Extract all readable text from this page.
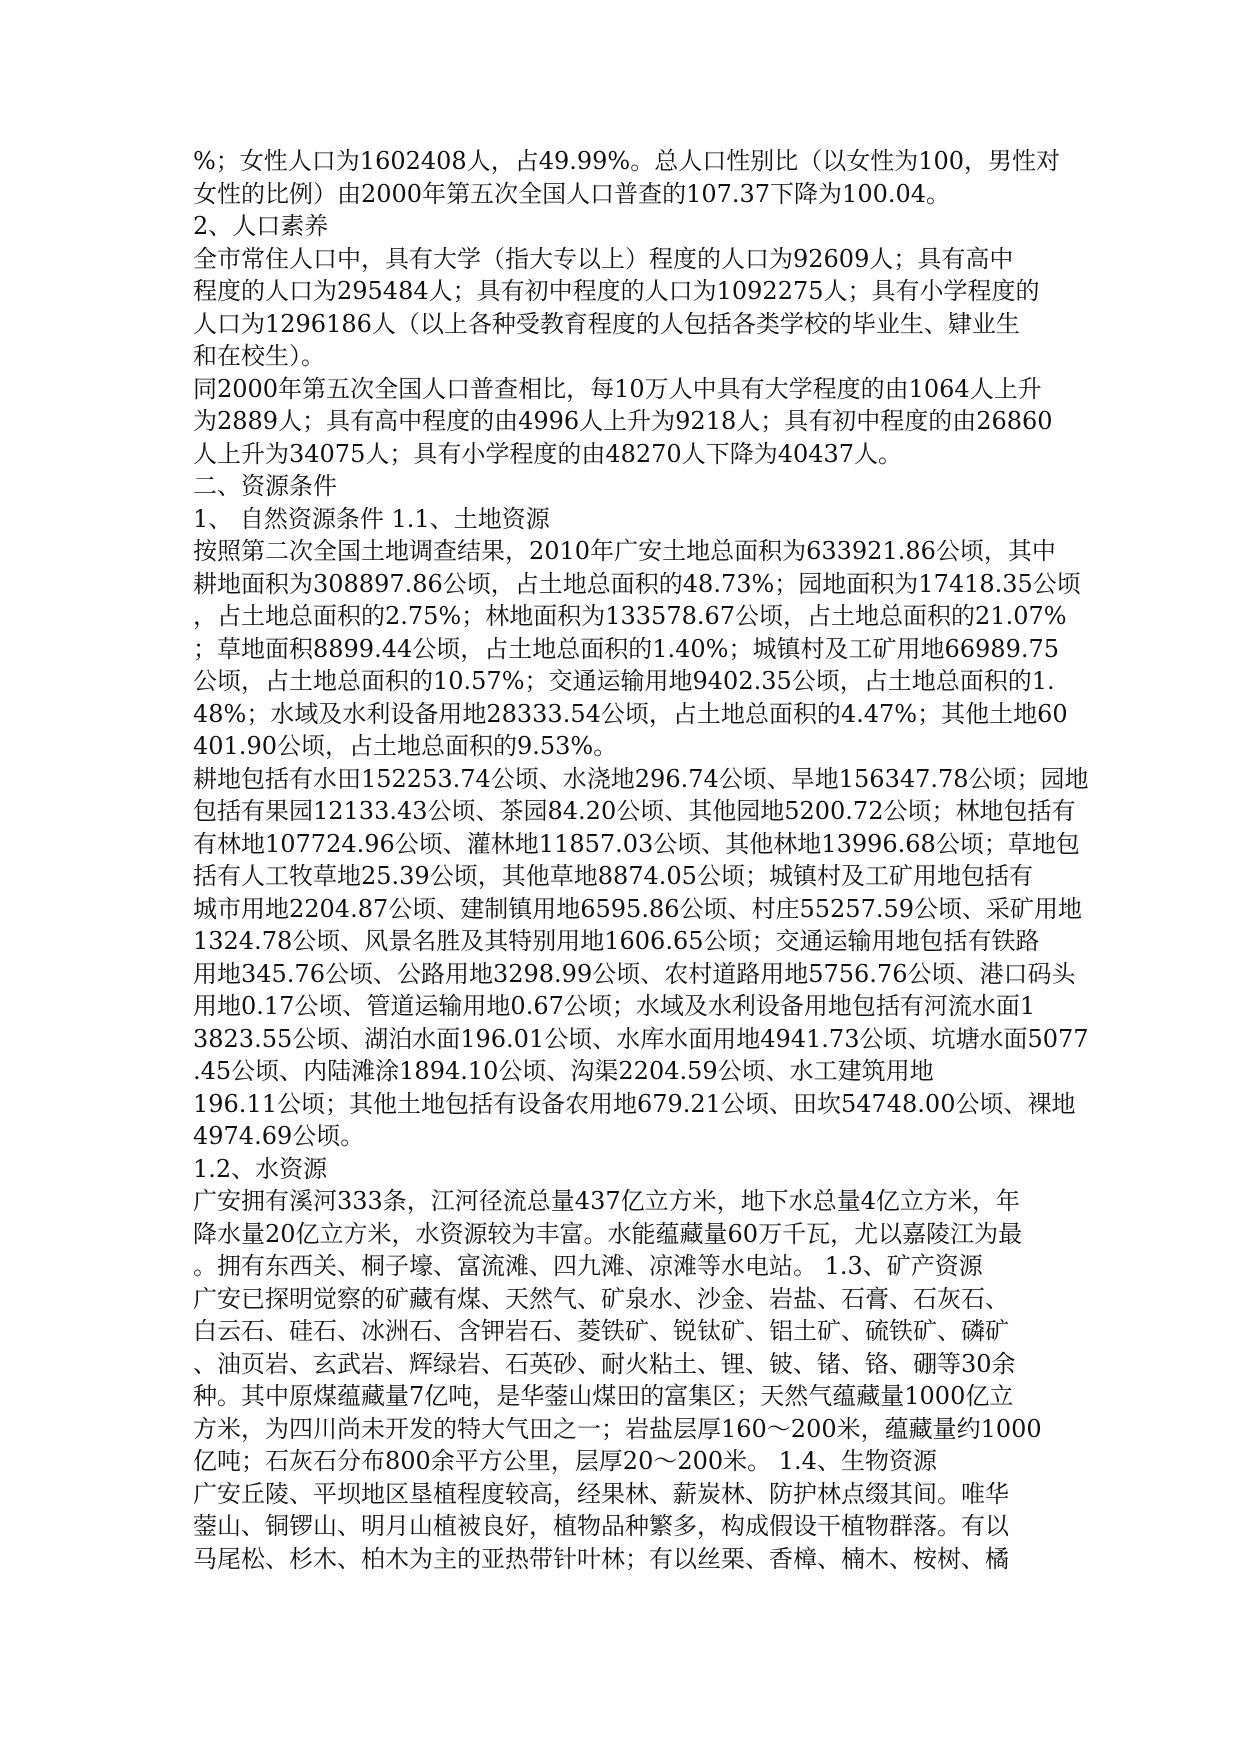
%；女性人口为1602408人，占49.99%。总人口性别比（以女性为100，男性对
女性的比例）由2000年第五次全国人口普查的107.37下降为100.04。
2、人口素养
全市常住人口中，具有大学（指大专以上）程度的人口为92609人；具有高中
程度的人口为295484人；具有初中程度的人口为1092275人；具有小学程度的
人口为1296186人（以上各种受教育程度的人包括各类学校的毕业生、肄业生
和在校生）。
同2000年第五次全国人口普查相比，每10万人中具有大学程度的由1064人上升
为2889人；具有高中程度的由4996人上升为9218人；具有初中程度的由26860
人上升为34075人；具有小学程度的由48270人下降为40437人。
二、资源条件
1、 自然资源条件 1.1、土地资源
按照第二次全国土地调查结果，2010年广安土地总面积为633921.86公顷，其中
耕地面积为308897.86公顷，占土地总面积的48.73%；园地面积为17418.35公顷
，占土地总面积的2.75%；林地面积为133578.67公顷，占土地总面积的21.07%
；草地面积8899.44公顷，占土地总面积的1.40%；城镇村及工矿用地66989.75
公顷，占土地总面积的10.57%；交通运输用地9402.35公顷，占土地总面积的1.
48%；水域及水利设备用地28333.54公顷，占土地总面积的4.47%；其他土地60
401.90公顷，占土地总面积的9.53%。
耕地包括有水田152253.74公顷、水浇地296.74公顷、旱地156347.78公顷；园地
包括有果园12133.43公顷、茶园84.20公顷、其他园地5200.72公顷；林地包括有
有林地107724.96公顷、灌林地11857.03公顷、其他林地13996.68公顷；草地包
括有人工牧草地25.39公顷，其他草地8874.05公顷；城镇村及工矿用地包括有
城市用地2204.87公顷、建制镇用地6595.86公顷、村庄55257.59公顷、采矿用地
1324.78公顷、风景名胜及其特别用地1606.65公顷；交通运输用地包括有铁路
用地345.76公顷、公路用地3298.99公顷、农村道路用地5756.76公顷、港口码头
用地0.17公顷、管道运输用地0.67公顷；水域及水利设备用地包括有河流水面1
3823.55公顷、湖泊水面196.01公顷、水库水面用地4941.73公顷、坑塘水面5077
.45公顷、内陆滩涂1894.10公顷、沟渠2204.59公顷、水工建筑用地
196.11公顷；其他土地包括有设备农用地679.21公顷、田坎54748.00公顷、裸地
4974.69公顷。
1.2、水资源
广安拥有溪河333条，江河径流总量437亿立方米，地下水总量4亿立方米，年
降水量20亿立方米，水资源较为丰富。水能蕴藏量60万千瓦，尤以嘉陵江为最
。拥有东西关、桐子壕、富流滩、四九滩、凉滩等水电站。 1.3、矿产资源
广安已探明觉察的矿藏有煤、天然气、矿泉水、沙金、岩盐、石膏、石灰石、
白云石、硅石、冰洲石、含钾岩石、菱铁矿、锐钛矿、铝土矿、硫铁矿、磷矿
、油页岩、玄武岩、辉绿岩、石英砂、耐火粘土、锂、铍、锗、铬、硼等30余
种。其中原煤蕴藏量7亿吨，是华蓥山煤田的富集区；天然气蕴藏量1000亿立
方米，为四川尚未开发的特大气田之一；岩盐层厚160～200米，蕴藏量约1000
亿吨；石灰石分布800余平方公里，层厚20～200米。 1.4、生物资源
广安丘陵、平坝地区垦植程度较高，经果林、薪炭林、防护林点缀其间。唯华
蓥山、铜锣山、明月山植被良好，植物品种繁多，构成假设干植物群落。有以
马尾松、杉木、柏木为主的亚热带针叶林；有以丝栗、香樟、楠木、桉树、橘
